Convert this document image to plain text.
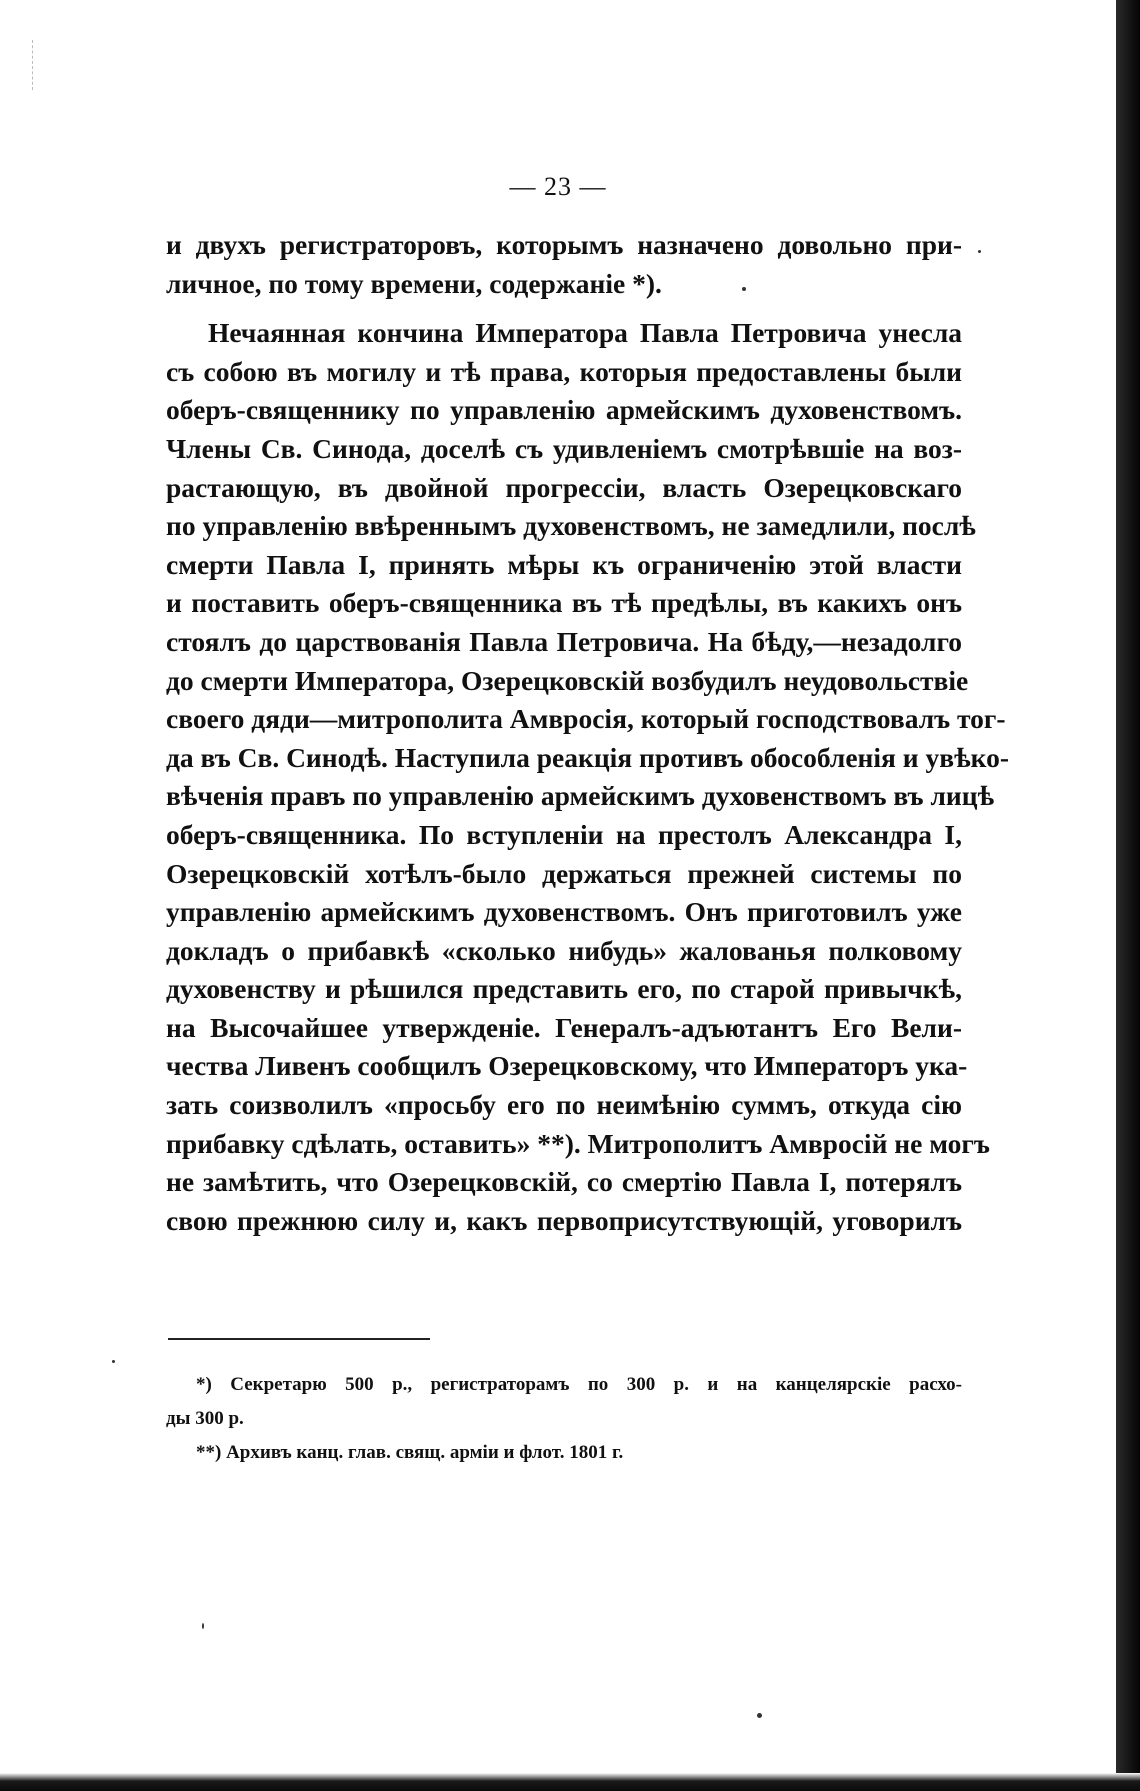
— 23 —
и двухъ регистраторовъ, которымъ назначено довольно при-
личное, по тому времени, содержаніе *).
Нечаянная кончина Императора Павла Петровича унесла
съ собою въ могилу и тѣ права, которыя предоставлены были
оберъ-священнику по управленію армейскимъ духовенствомъ.
Члены Св. Синода, доселѣ съ удивленіемъ смотрѣвшіе на воз-
растающую, въ двойной прогрессіи, власть Озерецковскаго
по управленію ввѣреннымъ духовенствомъ, не замедлили, послѣ
смерти Павла I, принять мѣры къ ограниченію этой власти
и поставить оберъ-священника въ тѣ предѣлы, въ какихъ онъ
стоялъ до царствованія Павла Петровича. На бѣду,—незадолго
до смерти Императора, Озерецковскій возбудилъ неудовольствіе
своего дяди—митрополита Амвросія, который господствовалъ тог-
да въ Св. Синодѣ. Наступила реакція противъ обособленія и увѣко-
вѣченія правъ по управленію армейскимъ духовенствомъ въ лицѣ
оберъ-священника. По вступленіи на престолъ Александра I,
Озерецковскій хотѣлъ-было держаться прежней системы по
управленію армейскимъ духовенствомъ. Онъ приготовилъ уже
докладъ о прибавкѣ «сколько нибудь» жалованья полковому
духовенству и рѣшился представить его, по старой привычкѣ,
на Высочайшее утвержденіе. Генералъ-адъютантъ Его Вели-
чества Ливенъ сообщилъ Озерецковскому, что Императоръ ука-
зать соизволилъ «просьбу его по неимѣнію суммъ, откуда сію
прибавку сдѣлать, оставить» **). Митрополитъ Амвросій не могъ
не замѣтить, что Озерецковскій, со смертію Павла I, потерялъ
свою прежнюю силу и, какъ первоприсутствующій, уговорилъ
*) Секретарю 500 р., регистраторамъ по 300 р. и на канцелярскіе расхо-
ды 300 р.
**) Архивъ канц. глав. свящ. арміи и флот. 1801 г.
